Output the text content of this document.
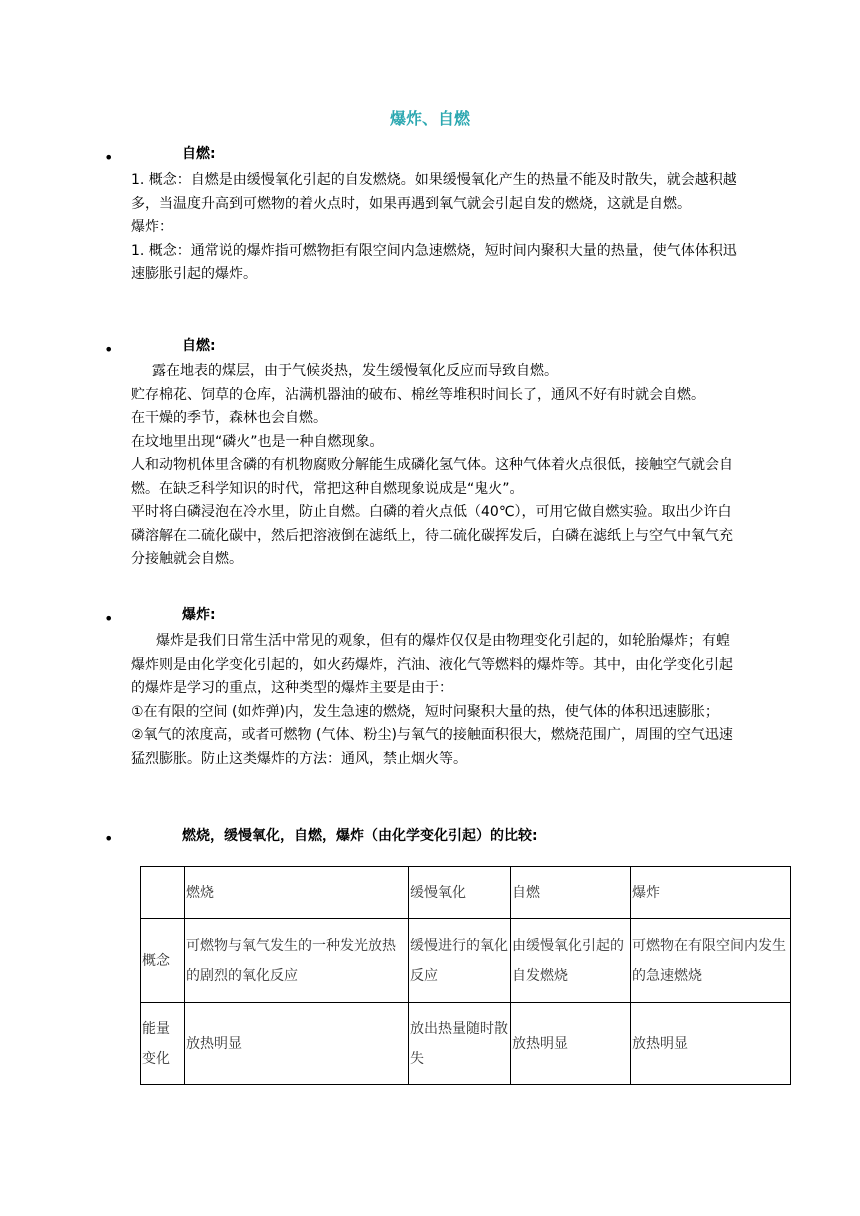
爆炸、自燃
•	自燃:

1. 概念：自燃是由缓慢氧化引起的自发燃烧。如果缓慢氧化产生的热量不能及时散失，就会越积越多，当温度升高到可燃物的着火点时，如果再遇到氧气就会引起自发的燃烧，这就是自燃。

爆炸：

1. 概念：通常说的爆炸指可燃物拒有限空间内急速燃烧，短时间内聚积大量的热量，使气体体积迅速膨胀引起的爆炸。

•	自燃:

露在地表的煤层，由于气候炎热，发生缓慢氧化反应而导致自燃。

贮存棉花、饲草的仓库，沾满机器油的破布、棉丝等堆积时间长了，通风不好有时就会自燃。

在干燥的季节，森林也会自燃。

在坟地里出现“磷火”也是一种自燃现象。

人和动物机体里含磷的有机物腐败分解能生成磷化氢气体。这种气体着火点很低，接触空气就会自燃。在缺乏科学知识的时代，常把这种自燃现象说成是“鬼火”。

平时将白磷浸泡在冷水里，防止自燃。白磷的着火点低（40℃），可用它做自燃实验。取出少许白磷溶解在二硫化碳中，然后把溶液倒在滤纸上，待二硫化碳挥发后，白磷在滤纸上与空气中氧气充分接触就会自燃。

•	爆炸:

爆炸是我们日常生活中常见的观象，但有的爆炸仅仅是由物理变化引起的，如轮胎爆炸；有蝗爆炸则是由化学变化引起的，如火药爆炸，汽油、液化气等燃料的爆炸等。其中，由化学变化引起的爆炸是学习的重点，这种类型的爆炸主要是由于：

①在有限的空间 (如炸弹)内，发生急速的燃烧，短时问聚积大量的热，使气体的体积迅速膨胀；

②氧气的浓度高，或者可燃物 (气体、粉尘)与氧气的接触面积很大，燃烧范围广，周围的空气迅速猛烈膨胀。防止这类爆炸的方法：通风，禁止烟火等。

•	燃烧，缓慢氧化，自燃，爆炸（由化学变化引起）的比较:
	燃烧	缓慢氧化	自燃	爆炸
概念	可燃物与氧气发生的一种发光放热的剧烈的氧化反应	缓慢进行的氧化反应	由缓慢氧化引起的自发燃烧	可燃物在有限空间内发生的急速燃烧
能量变化	放热明显	放出热量随时散失	放热明显	放热明显
